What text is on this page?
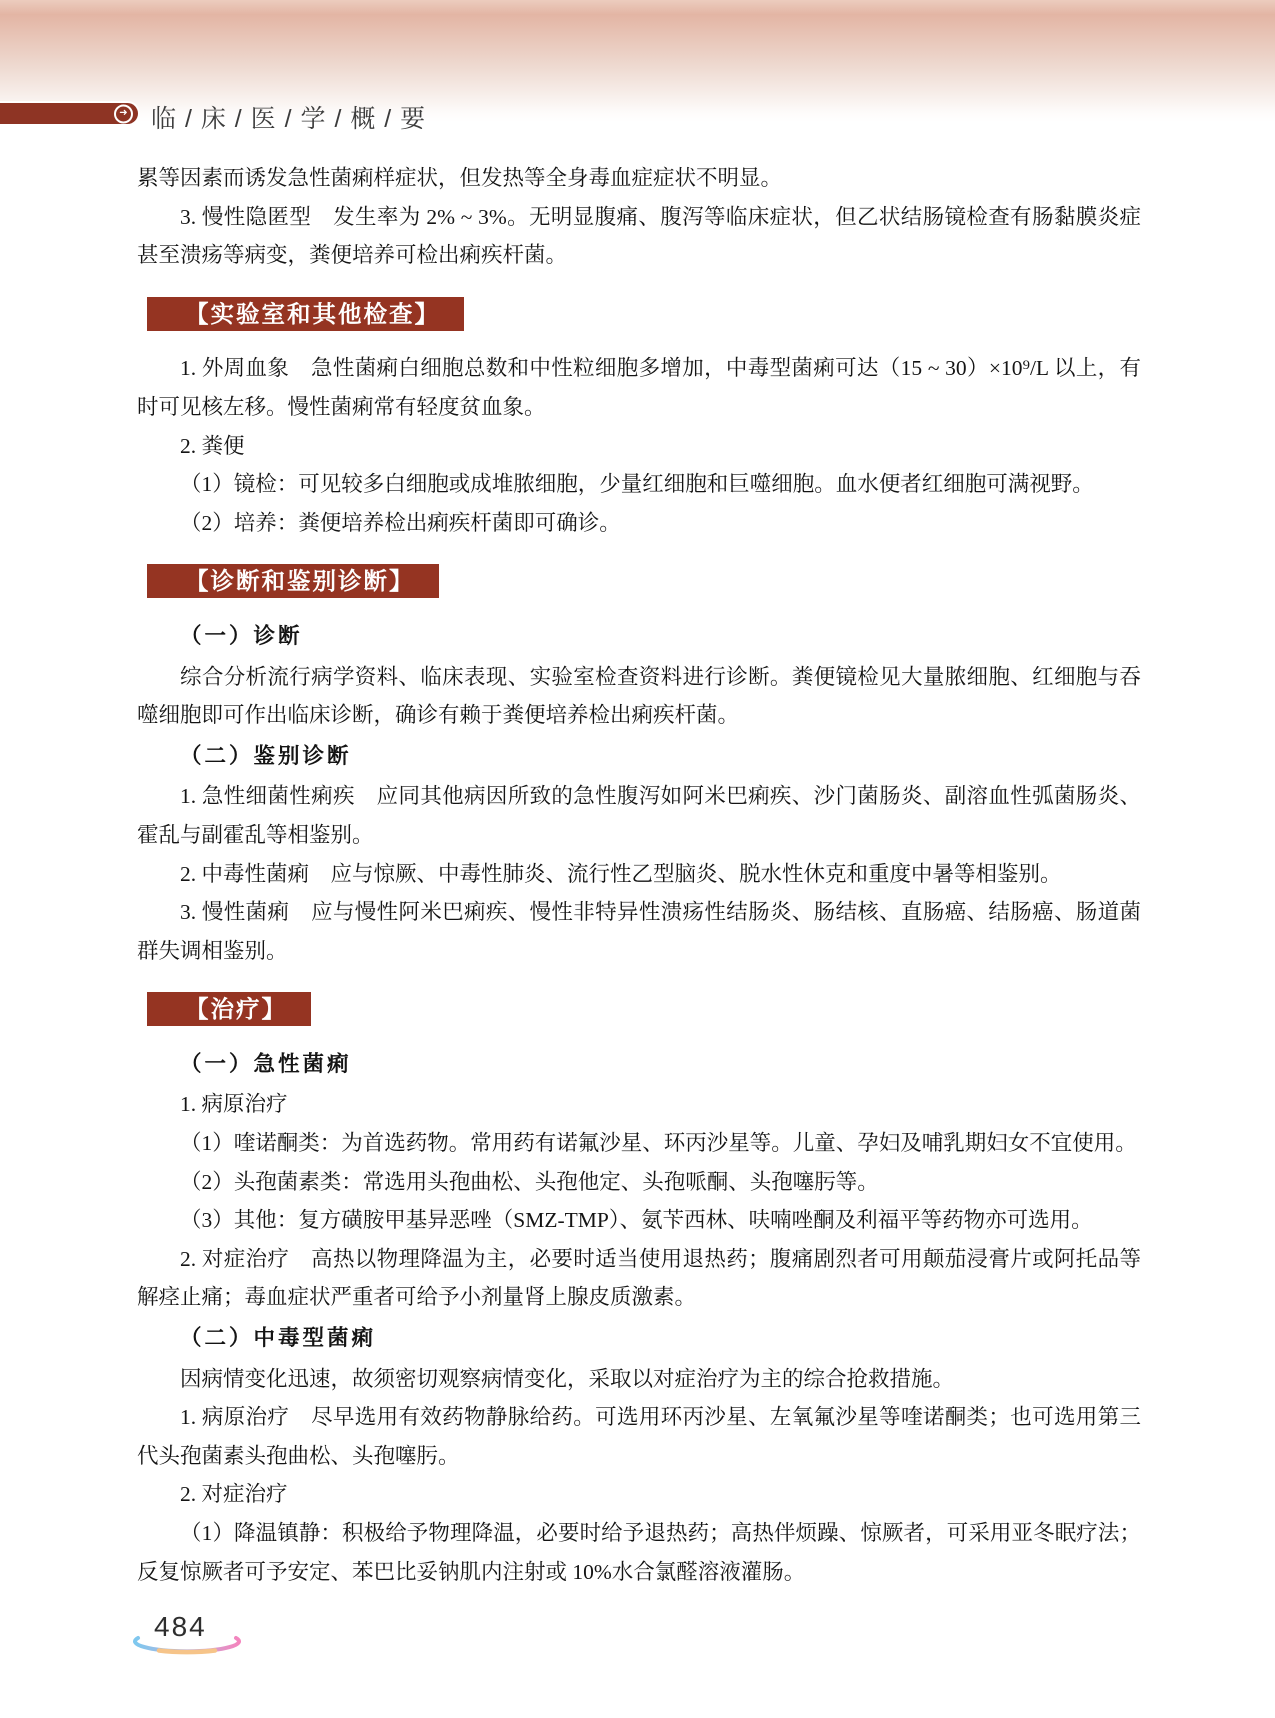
➜ 临 / 床 / 医 / 学 / 概 / 要

累等因素而诱发急性菌痢样症状，但发热等全身毒血症症状不明显。

3. 慢性隐匿型　发生率为 2% ~ 3%。无明显腹痛、腹泻等临床症状，但乙状结肠镜检查有肠黏膜炎症甚至溃疡等病变，粪便培养可检出痢疾杆菌。

【实验室和其他检查】

1. 外周血象　急性菌痢白细胞总数和中性粒细胞多增加，中毒型菌痢可达（15 ~ 30）×10⁹/L 以上，有时可见核左移。慢性菌痢常有轻度贫血象。

2. 粪便

（1）镜检：可见较多白细胞或成堆脓细胞，少量红细胞和巨噬细胞。血水便者红细胞可满视野。

（2）培养：粪便培养检出痢疾杆菌即可确诊。

【诊断和鉴别诊断】
（一）诊断

综合分析流行病学资料、临床表现、实验室检查资料进行诊断。粪便镜检见大量脓细胞、红细胞与吞噬细胞即可作出临床诊断，确诊有赖于粪便培养检出痢疾杆菌。

（二）鉴别诊断

1. 急性细菌性痢疾　应同其他病因所致的急性腹泻如阿米巴痢疾、沙门菌肠炎、副溶血性弧菌肠炎、霍乱与副霍乱等相鉴别。

2. 中毒性菌痢　应与惊厥、中毒性肺炎、流行性乙型脑炎、脱水性休克和重度中暑等相鉴别。

3. 慢性菌痢　应与慢性阿米巴痢疾、慢性非特异性溃疡性结肠炎、肠结核、直肠癌、结肠癌、肠道菌群失调相鉴别。

【治疗】
（一）急性菌痢

1. 病原治疗

（1）喹诺酮类：为首选药物。常用药有诺氟沙星、环丙沙星等。儿童、孕妇及哺乳期妇女不宜使用。

（2）头孢菌素类：常选用头孢曲松、头孢他定、头孢哌酮、头孢噻肟等。

（3）其他：复方磺胺甲基异恶唑（SMZ-TMP）、氨苄西林、呋喃唑酮及利福平等药物亦可选用。

2. 对症治疗　高热以物理降温为主，必要时适当使用退热药；腹痛剧烈者可用颠茄浸膏片或阿托品等解痉止痛；毒血症状严重者可给予小剂量肾上腺皮质激素。

（二）中毒型菌痢

因病情变化迅速，故须密切观察病情变化，采取以对症治疗为主的综合抢救措施。

1. 病原治疗　尽早选用有效药物静脉给药。可选用环丙沙星、左氧氟沙星等喹诺酮类；也可选用第三代头孢菌素头孢曲松、头孢噻肟。

2. 对症治疗

（1）降温镇静：积极给予物理降温，必要时给予退热药；高热伴烦躁、惊厥者，可采用亚冬眠疗法；反复惊厥者可予安定、苯巴比妥钠肌内注射或 10%水合氯醛溶液灌肠。

484
